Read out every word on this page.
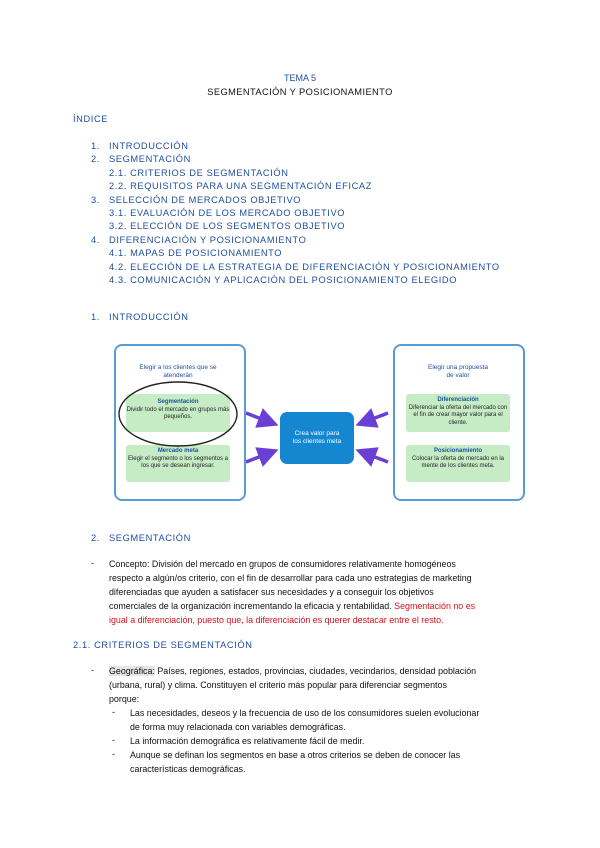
TEMA 5
SEGMENTACIÓN Y POSICIONAMIENTO
ÍNDICE
1. INTRODUCCIÓN
2. SEGMENTACIÓN
2.1. CRITERIOS DE SEGMENTACIÓN
2.2. REQUISITOS PARA UNA SEGMENTACIÓN EFICAZ
3. SELECCIÓN DE MERCADOS OBJETIVO
3.1. EVALUACIÓN DE LOS MERCADO OBJETIVO
3.2. ELECCIÓN DE LOS SEGMENTOS OBJETIVO
4. DIFERENCIACIÓN Y POSICIONAMIENTO
4.1. MAPAS DE POSICIONAMIENTO
4.2. ELECCIÓN DE LA ESTRATEGIA DE DIFERENCIACIÓN Y POSICIONAMIENTO
4.3. COMUNICACIÓN Y APLICACIÓN DEL POSICIONAMIENTO ELEGIDO
1. INTRODUCCIÓN
Elegir a los clientes que se atenderán
Segmentación
Dividir todo el mercado en grupos más pequeños.
Mercado meta
Elegir el segmento o los segmentos a los que se desean ingresar.
Elegir una propuesta de valor
Diferenciación
Diferenciar la oferta del mercado con el fin de crear mayor valor para el cliente.
Posicionamiento
Colocar la oferta de mercado en la mente de los clientes meta.
Crea valor para los clientes meta
2. SEGMENTACIÓN
- Concepto: División del mercado en grupos de consumidores relativamente homogéneos
respecto a algún/os criterio, con el fin de desarrollar para cada uno estrategias de marketing
diferenciadas que ayuden a satisfacer sus necesidades y a conseguir los objetivos
comerciales de la organización incrementando la eficacia y rentabilidad. Segmentación no es
igual a diferenciación, puesto que, la diferenciación es querer destacar entre el resto.
2.1. CRITERIOS DE SEGMENTACIÓN
- Geográfica: Países, regiones, estados, provincias, ciudades, vecindarios, densidad población
(urbana, rural) y clima. Constituyen el criterio más popular para diferenciar segmentos
porque:
- Las necesidades, deseos y la frecuencia de uso de los consumidores suelen evolucionar
de forma muy relacionada con variables demográficas.
- La información demográfica es relativamente fácil de medir.
- Aunque se definan los segmentos en base a otros criterios se deben de conocer las
características demográficas.
